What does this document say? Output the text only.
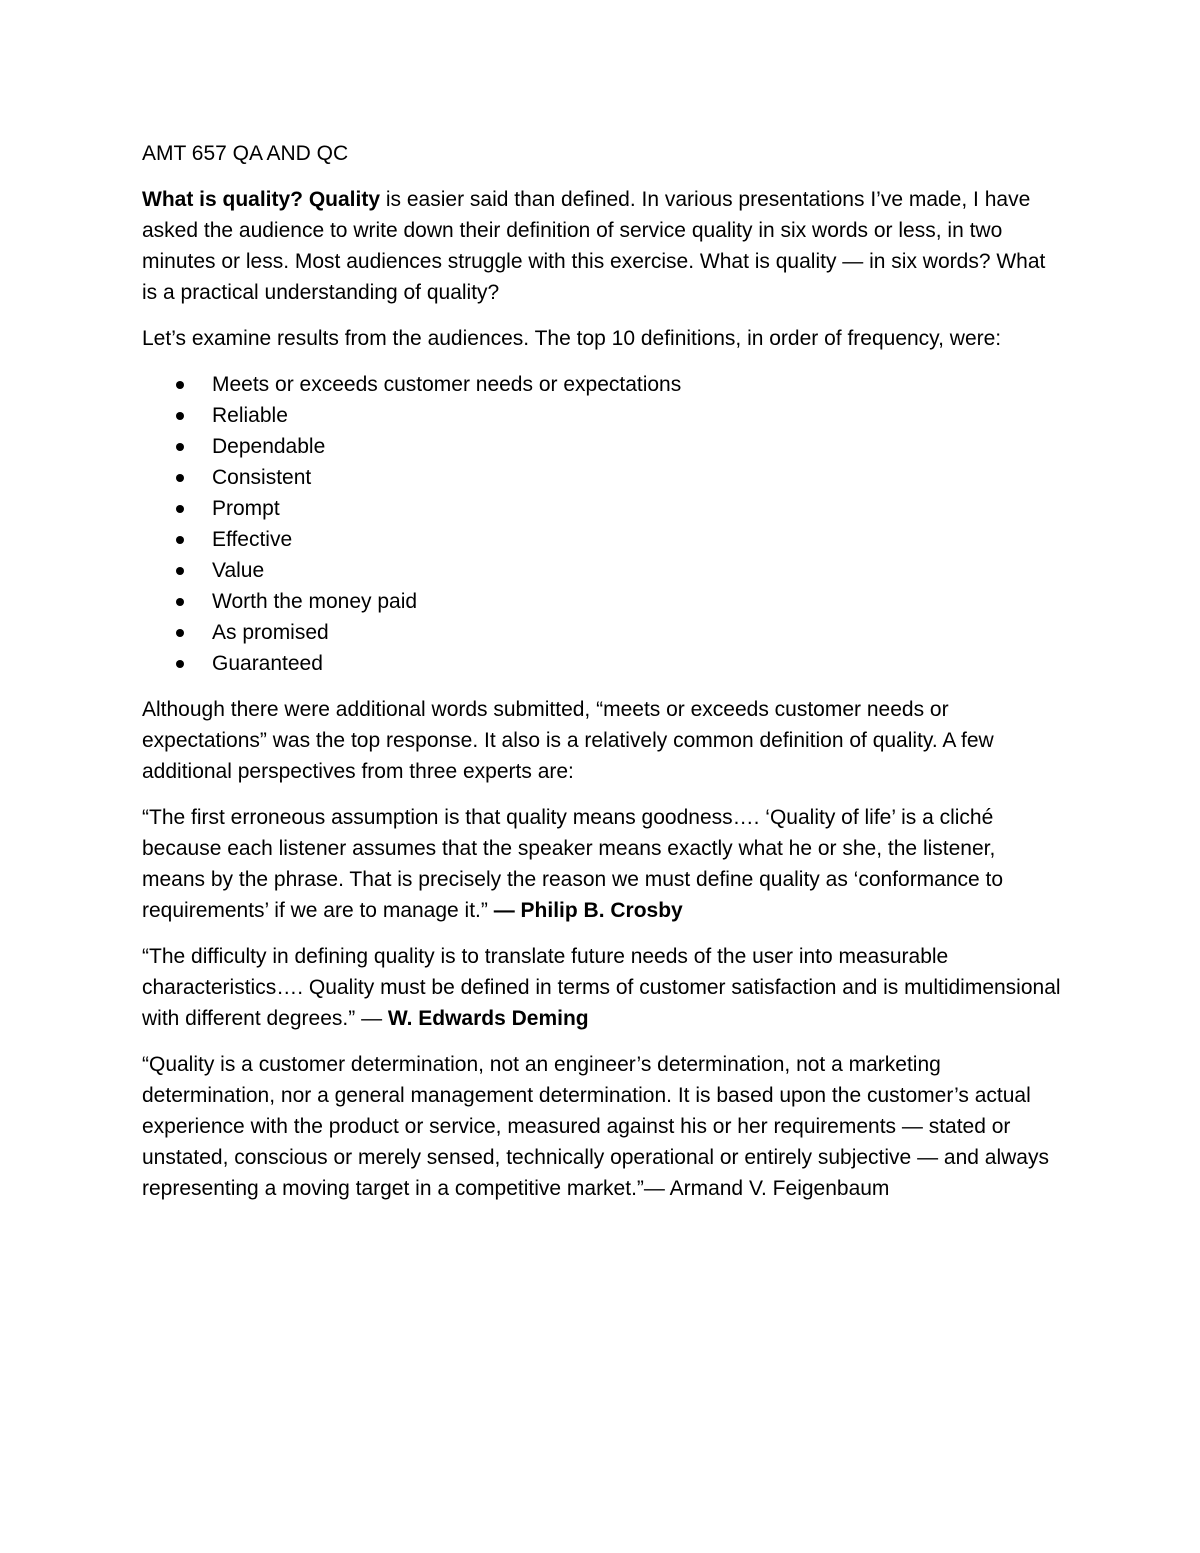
AMT 657 QA AND QC

What is quality? Quality is easier said than defined. In various presentations I’ve made, I have asked the audience to write down their definition of service quality in six words or less, in two minutes or less. Most audiences struggle with this exercise. What is quality — in six words? What is a practical understanding of quality?

Let’s examine results from the audiences. The top 10 definitions, in order of frequency, were:

Meets or exceeds customer needs or expectations
Reliable
Dependable
Consistent
Prompt
Effective
Value
Worth the money paid
As promised
Guaranteed

Although there were additional words submitted, “meets or exceeds customer needs or expectations” was the top response. It also is a relatively common definition of quality. A few additional perspectives from three experts are:

“The first erroneous assumption is that quality means goodness…. ‘Quality of life’ is a cliché because each listener assumes that the speaker means exactly what he or she, the listener, means by the phrase. That is precisely the reason we must define quality as ‘conformance to requirements’ if we are to manage it.” — Philip B. Crosby

“The difficulty in defining quality is to translate future needs of the user into measurable characteristics…. Quality must be defined in terms of customer satisfaction and is multidimensional with different degrees.” — W. Edwards Deming

“Quality is a customer determination, not an engineer’s determination, not a marketing determination, nor a general management determination. It is based upon the customer’s actual experience with the product or service, measured against his or her requirements — stated or unstated, conscious or merely sensed, technically operational or entirely subjective — and always representing a moving target in a competitive market.”— Armand V. Feigenbaum
